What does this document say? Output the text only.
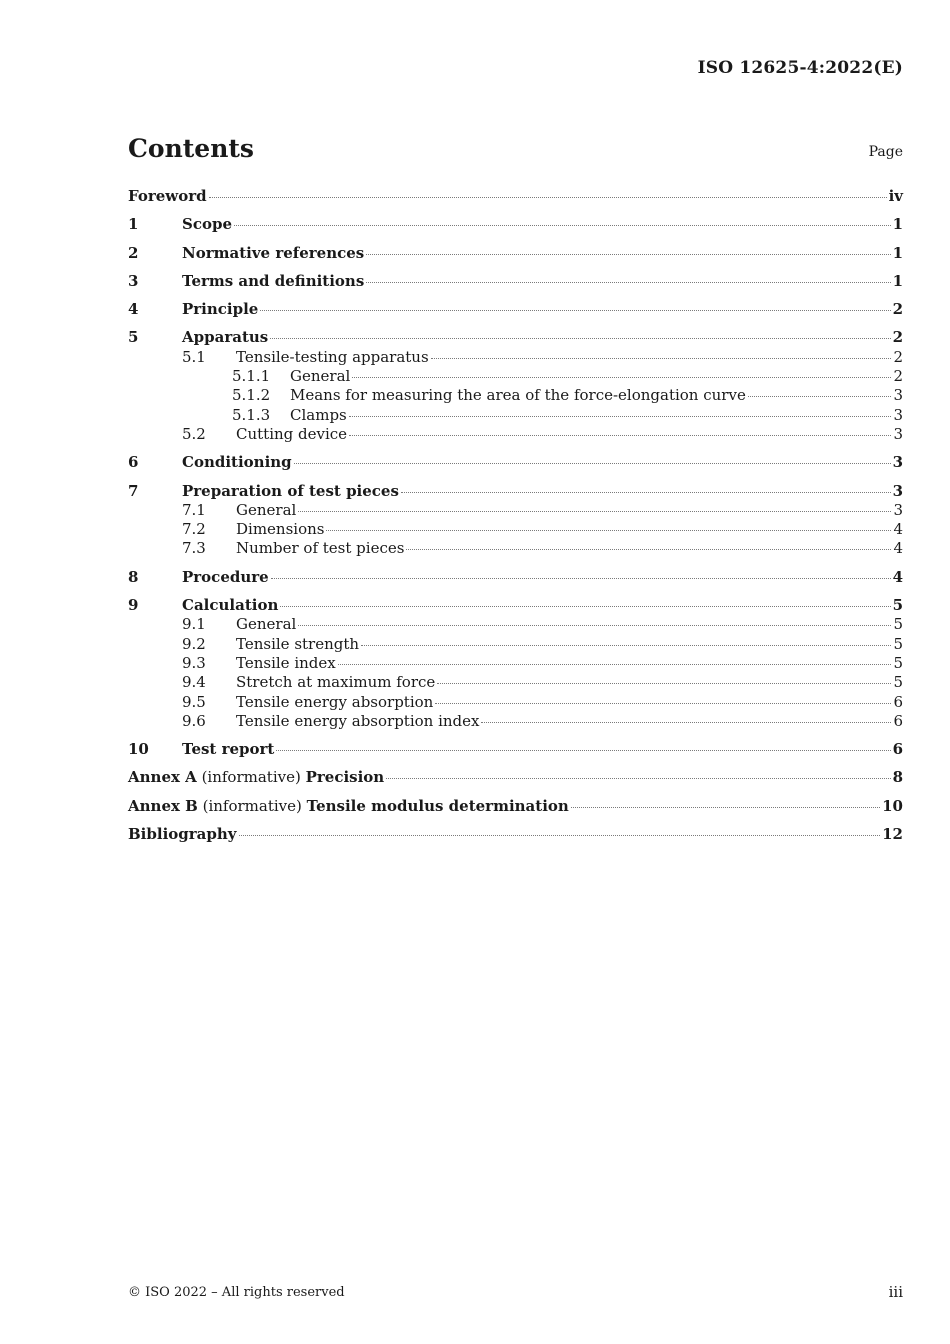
ISO 12625-4:2022(E)
Contents	Page
Foreword	iv
1	Scope	1
2	Normative references	1
3	Terms and definitions	1
4	Principle	2
5	Apparatus	2
5.1	Tensile-testing apparatus	2
5.1.1	General	2
5.1.2	Means for measuring the area of the force-elongation curve	3
5.1.3	Clamps	3
5.2	Cutting device	3
6	Conditioning	3
7	Preparation of test pieces	3
7.1	General	3
7.2	Dimensions	4
7.3	Number of test pieces	4
8	Procedure	4
9	Calculation	5
9.1	General	5
9.2	Tensile strength	5
9.3	Tensile index	5
9.4	Stretch at maximum force	5
9.5	Tensile energy absorption	6
9.6	Tensile energy absorption index	6
10	Test report	6
Annex A (informative) Precision	8
Annex B (informative) Tensile modulus determination	10
Bibliography	12
© ISO 2022 – All rights reserved	iii
